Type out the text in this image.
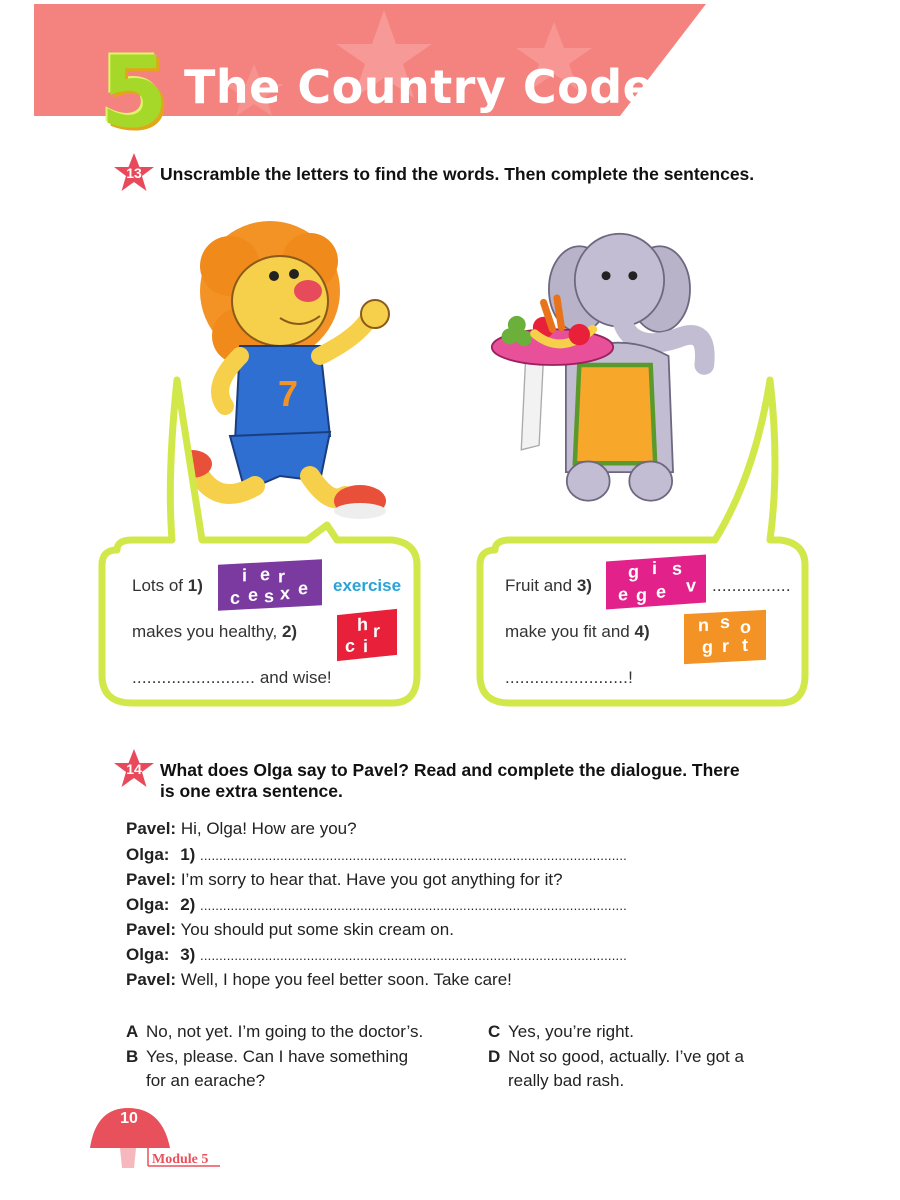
5 The Country Code
13	Unscramble the letters to find the words. Then complete the sentences.
7
Lots of 1)
i e r
c e s x e exercise
makes you healthy, 2)	h r
c i
......................... and wise!
Fruit and 3)
g i s
e g e v ................
make you fit and 4)	n s o
g r t
.........................!
14	What does Olga say to Pavel? Read and complete the dialogue. There
is one extra sentence.
Pavel: Hi, Olga! How are you?
Olga: 1) ................................................................................................................
Pavel: I’m sorry to hear that. Have you got anything for it?
Olga: 2) ................................................................................................................
Pavel: You should put some skin cream on.
Olga: 3) ................................................................................................................
Pavel: Well, I hope you feel better soon. Take care!
A No, not yet. I’m going to the doctor’s.
B Yes, please. Can I have something
for an earache?
C Yes, you’re right.
D Not so good, actually. I’ve got a
really bad rash.
10
Module 5
